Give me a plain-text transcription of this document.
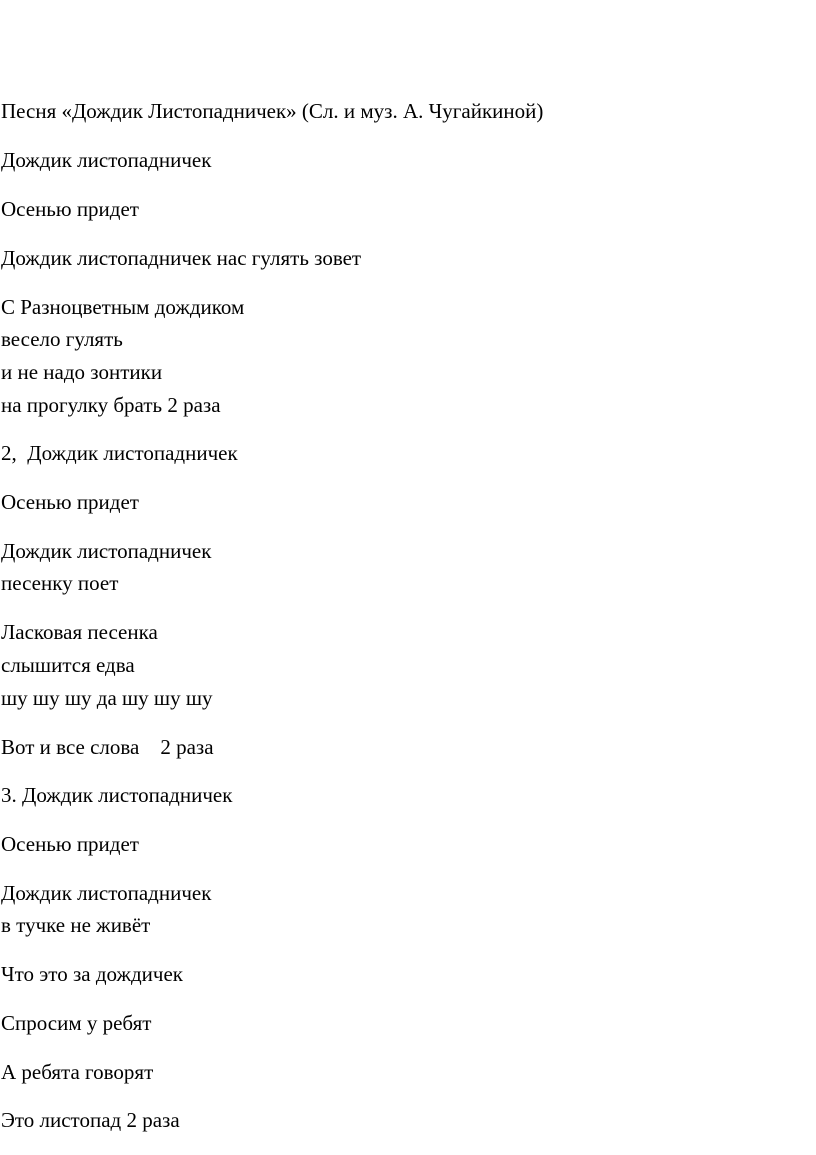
Песня «Дождик Листопадничек» (Сл. и муз. А. Чугайкиной)

Дождик листопадничек

Осенью придет

Дождик листопадничек нас гулять зовет

С Разноцветным дождиком

весело гулять

и не надо зонтики

на прогулку брать 2 раза

2,  Дождик листопадничек

Осенью придет

Дождик листопадничек

песенку поет

Ласковая песенка

слышится едва

шу шу шу да шу шу шу

Вот и все слова    2 раза

3. Дождик листопадничек

Осенью придет

Дождик листопадничек

в тучке не живёт

Что это за дождичек

Спросим у ребят

А ребята говорят

Это листопад 2 раза
